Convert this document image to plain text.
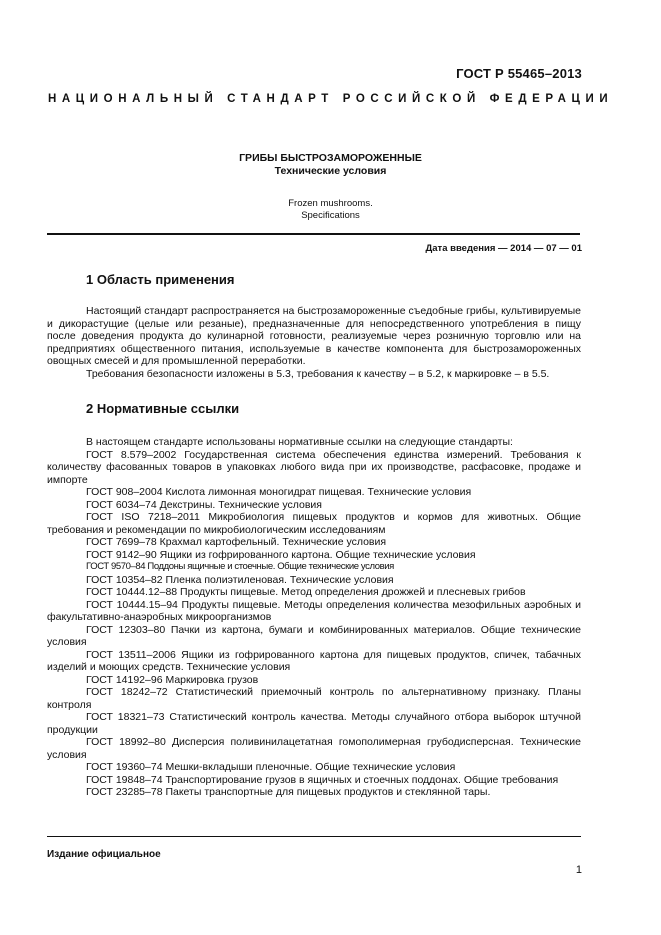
ГОСТ Р 55465–2013
НАЦИОНАЛЬНЫЙ СТАНДАРТ РОССИЙСКОЙ ФЕДЕРАЦИИ
ГРИБЫ БЫСТРОЗАМОРОЖЕННЫЕ
Технические условия
Frozen mushrooms.
Specifications
Дата введения — 2014 — 07 — 01
1 Область применения

Настоящий стандарт распространяется на быстрозамороженные съедобные грибы, культивируемые и дикорастущие (целые или резаные), предназначенные для непосредственного употребления в пищу после доведения продукта до кулинарной готовности, реализуемые через розничную торговлю или на предприятиях общественного питания, используемые в качестве компонента для быстрозамороженных овощных смесей и для промышленной переработки.

Требования безопасности изложены в 5.3, требования к качеству – в 5.2, к маркировке – в 5.5.

2 Нормативные ссылки

В настоящем стандарте использованы нормативные ссылки на следующие стандарты:

ГОСТ 8.579–2002 Государственная система обеспечения единства измерений. Требования к количеству фасованных товаров в упаковках любого вида при их производстве, расфасовке, продаже и импорте

ГОСТ 908–2004 Кислота лимонная моногидрат пищевая. Технические условия

ГОСТ 6034–74 Декстрины. Технические условия

ГОСТ ISO 7218–2011 Микробиология пищевых продуктов и кормов для животных. Общие требования и рекомендации по микробиологическим исследованиям

ГОСТ 7699–78 Крахмал картофельный. Технические условия

ГОСТ 9142–90 Ящики из гофрированного картона. Общие технические условия

ГОСТ 9570–84 Поддоны ящичные и стоечные. Общие технические условия

ГОСТ 10354–82 Пленка полиэтиленовая. Технические условия

ГОСТ 10444.12–88 Продукты пищевые. Метод определения дрожжей и плесневых грибов

ГОСТ 10444.15–94 Продукты пищевые. Методы определения количества мезофильных аэробных и факультативно-анаэробных микроорганизмов

ГОСТ 12303–80 Пачки из картона, бумаги и комбинированных материалов. Общие технические условия

ГОСТ 13511–2006 Ящики из гофрированного картона для пищевых продуктов, спичек, табачных изделий и моющих средств. Технические условия

ГОСТ 14192–96 Маркировка грузов

ГОСТ 18242–72 Статистический приемочный контроль по альтернативному признаку. Планы контроля

ГОСТ 18321–73 Статистический контроль качества. Методы случайного отбора выборок штучной продукции

ГОСТ 18992–80 Дисперсия поливинилацетатная гомополимерная грубодисперсная. Технические условия

ГОСТ 19360–74 Мешки-вкладыши пленочные. Общие технические условия

ГОСТ 19848–74 Транспортирование грузов в ящичных и стоечных поддонах. Общие требования

ГОСТ 23285–78 Пакеты транспортные для пищевых продуктов и стеклянной тары.

Издание официальное
1
